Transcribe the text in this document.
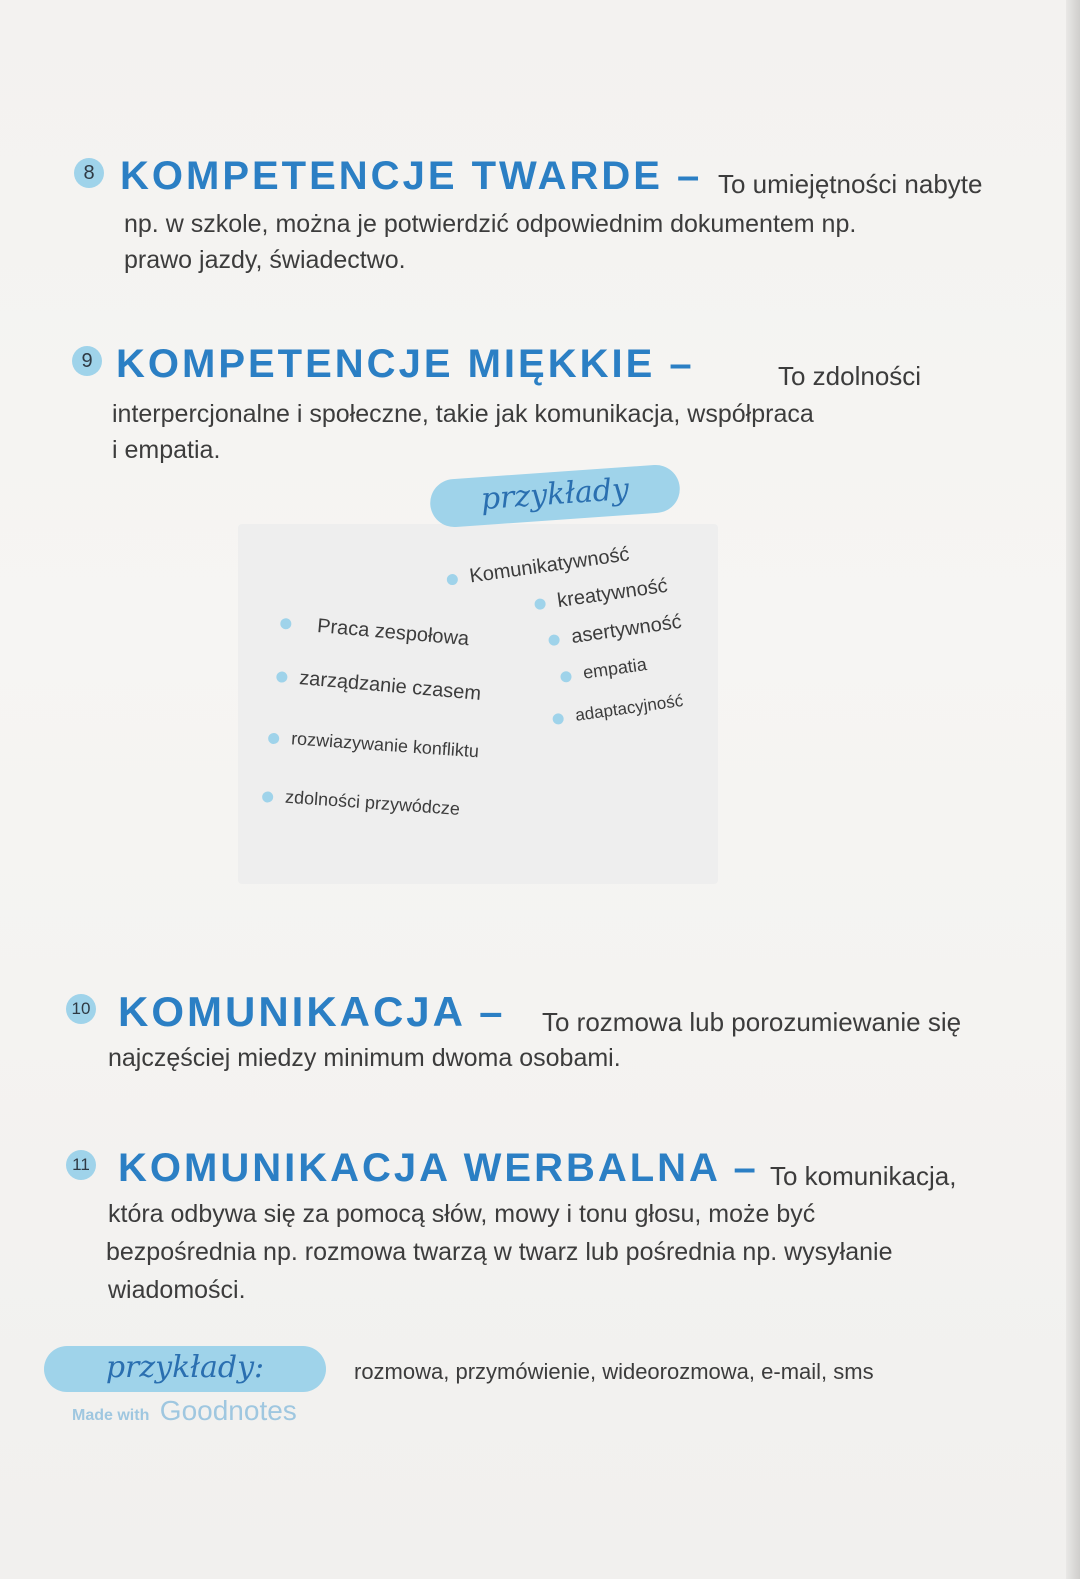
8 KOMPETENCJE TWARDE – To umiejętności nabyte
np. w szkole, można je potwierdzić odpowiednim dokumentem np.
prawo jazdy, świadectwo.
9 KOMPETENCJE MIĘKKIE –	To zdolności
interpercjonalne i społeczne, takie jak komunikacja, współpraca
i empatia.
przykłady
Komunikatywność
kreatywność
asertywność
empatia
adaptacyjność
Praca zespołowa
zarządzanie czasem
rozwiazywanie konfliktu
zdolności przywódcze
10 KOMUNIKACJA – To rozmowa lub porozumiewanie się
najczęściej miedzy minimum dwoma osobami.
11 KOMUNIKACJA WERBALNA – To komunikacja,
która odbywa się za pomocą słów, mowy i tonu głosu, może być
bezpośrednia np. rozmowa twarzą w twarz lub pośrednia np. wysyłanie
wiadomości.
przykłady:	rozmowa, przymówienie, wideorozmowa, e-mail, sms
Made with Goodnotes
